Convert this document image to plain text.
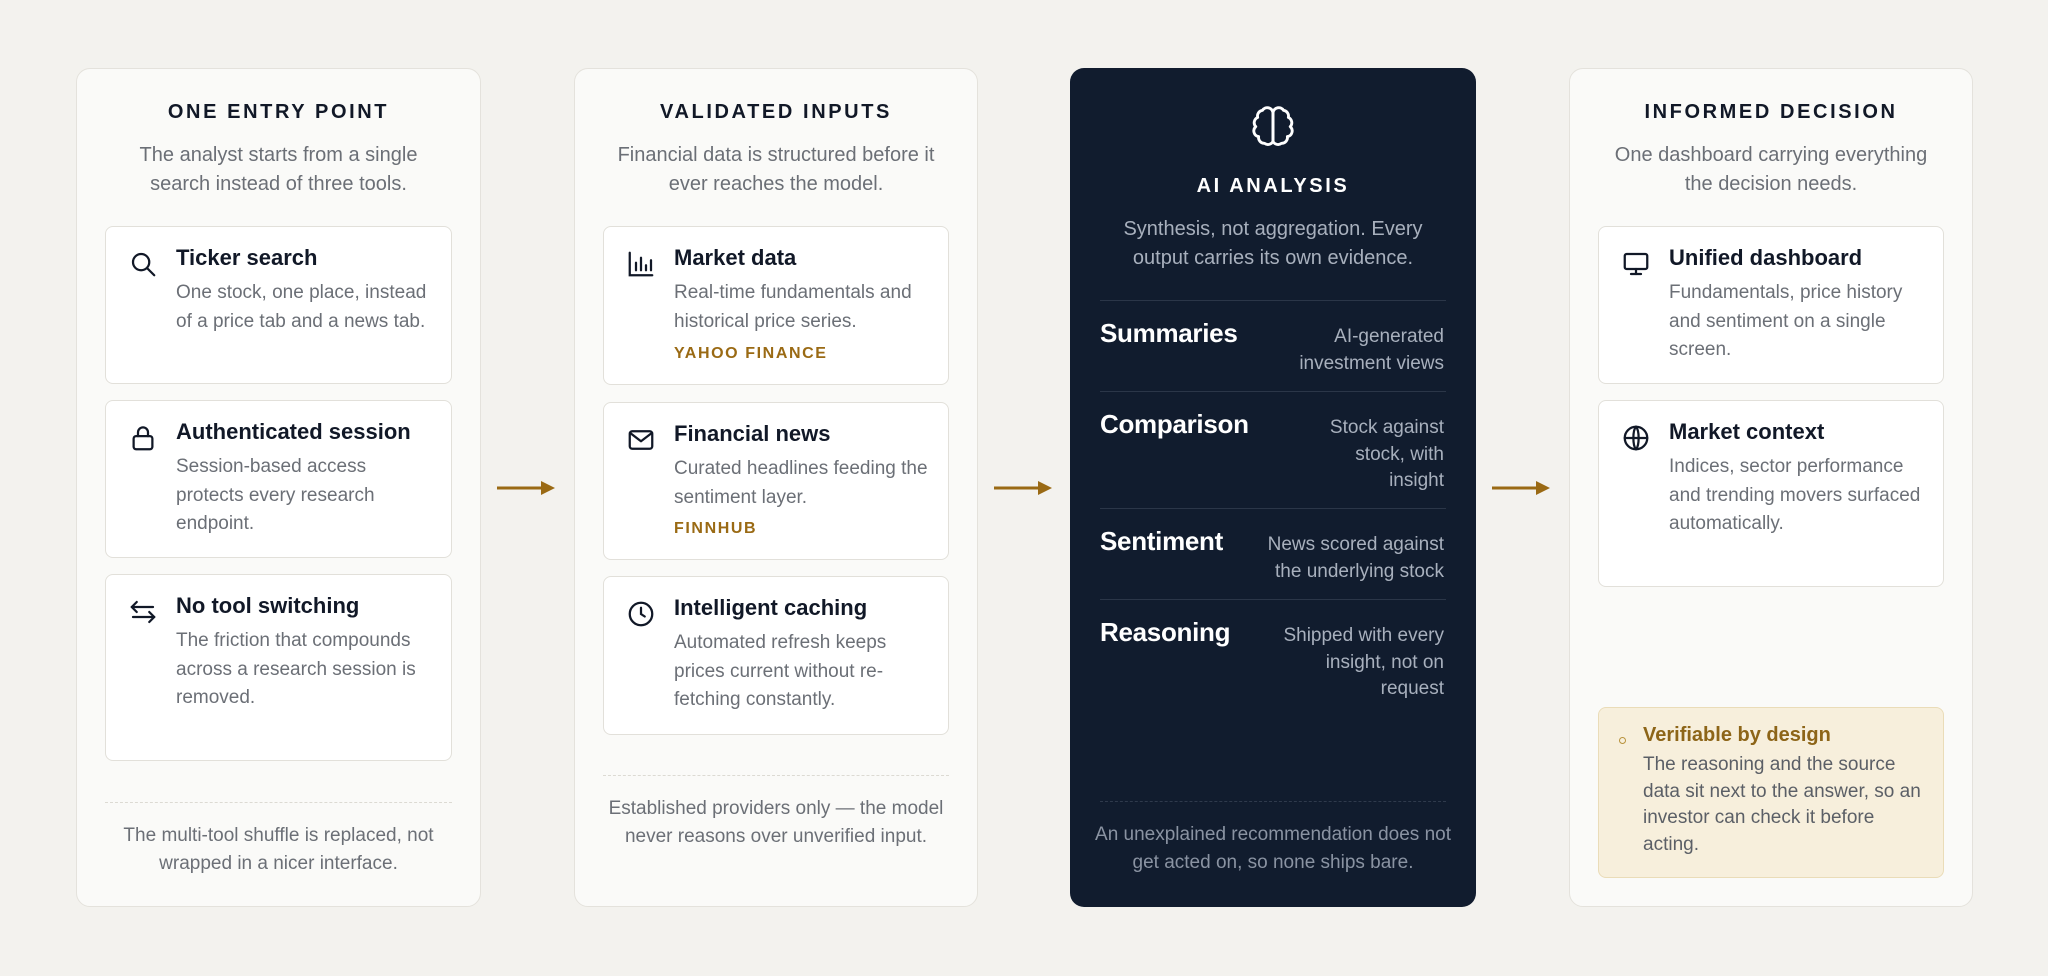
ONE ENTRY POINT
The analyst starts from a single search instead of three tools.
Ticker search
One stock, one place, instead of a price tab and a news tab.
Authenticated session
Session-based access protects every research endpoint.
No tool switching
The friction that compounds across a research session is removed.
The multi-tool shuffle is replaced, not wrapped in a nicer interface.
VALIDATED INPUTS
Financial data is structured before it ever reaches the model.
Market data
Real-time fundamentals and historical price series.
YAHOO FINANCE
Financial news
Curated headlines feeding the sentiment layer.
FINNHUB
Intelligent caching
Automated refresh keeps prices current without re-fetching constantly.
Established providers only — the model never reasons over unverified input.
AI ANALYSIS
Synthesis, not aggregation. Every output carries its own evidence.
Summaries	AI-generated investment views
Comparison	Stock against stock, with insight
Sentiment	News scored against the underlying stock
Reasoning	Shipped with every insight, not on request
An unexplained recommendation does not get acted on, so none ships bare.
INFORMED DECISION
One dashboard carrying everything the decision needs.
Unified dashboard
Fundamentals, price history and sentiment on a single screen.
Market context
Indices, sector performance and trending movers surfaced automatically.
Verifiable by design
The reasoning and the source data sit next to the answer, so an investor can check it before acting.
